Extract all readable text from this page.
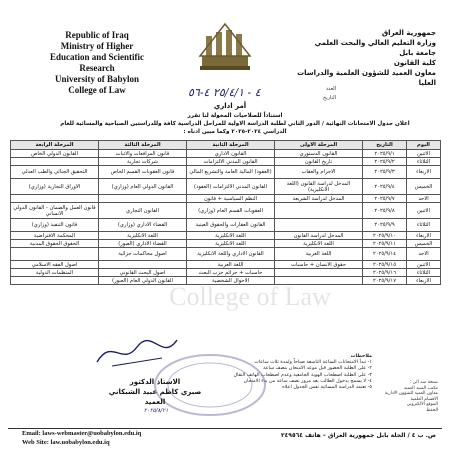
Republic of Iraq
Ministry of Higher
Education and Scientific
Research
University of Babylon
College of Law
جمهورية العراق
وزارة التعليم العالي والبحث العلمي
جامعة بابل
كلية القانون
معاون العميد للشؤون العلمية والدراسات العليا
العدد
التاريخ
٤ - ٢٥/٤/١ ٤-٥٦
أمر اداري
استناداً للصلاحيات المخولة لنا تقرر
اعلان جدول الامتحانات النهائية / الدور الثاني لطلبة الدراسة الاولية للمراحل الدراسية كافة وللدراستين الصباحية والمسائية للعام
الدراسي ٢٠٢٤-٢٠٢٥ وكما مبين ادناه :
اليوم	التاريخ	المرحلة الاولى	المرحلة الثانية	المرحلة الثالثة	المرحلة الرابعة
الاثنين	٢٠٢٥/٩/١	القانون الدستوري	القانون الاداري	قانون المرافعات والاثبات	القانون الدولي الخاص
الثلاثاء	٢٠٢٥/٩/٢	تاريخ القانون	القانون المدني الالتزامات	شركات تجارية	
الاربعاء	٢٠٢٥/٩/٣	الاجرام والعقاب	(العقود) المالية العامة والتشريع المالي	قانون العقوبات القسم الخاص	التحقيق الجنائي والطب العدلي
الخميس	٢٠٢٥/٩/٤	المدخل لدراسة القانون (اللغة الانكليزية)	القانون المدني الالتزامات (العقود)	القانون الدولي العام (وزاري)	الاوراق التجارية (وزاري)
الاحد	٢٠٢٥/٩/٧	المدخل لدراسة الشريعة	النظم السياسية + قانون		
الاثنين	٢٠٢٥/٩/٨		العقوبات القسم العام (وزاري)	القانون التجاري	قانون العمل والضمان - القانون الدولي الانساني
الثلاثاء	٢٠٢٥/٩/٩		القانون العقارات والحقوق العينية	القضاء الاداري (وزاري)	قانون التنفيذ (وزاري)
الاربعاء	٢٠٢٥/٩/١٠	المدخل لدراسة القانون	اللغة الانكليزية	اللغة الانكليزية	المحكمة الافتراضية
الخميس	٢٠٢٥/٩/١١	اللغة الانكليزية	اللغة الانكليزية	القضاء الاداري (العبور)	الحقوق الحقوق المدنية
الاحد	٢٠٢٥/٩/١٤	اللغة العربية	القانون الاداري واللغة الانكليزية	اصول محاكمات جزائية	
الاثنين	٢٠٢٥/٩/١٥	حقوق الانسان + حاسبات	اللغة العربية		اصول الفقه الاسلامي
الثلاثاء	٢٠٢٥/٩/١٦		حاسبات + جرائم حزب البعث	اصول البحث القانوني	المنظمات الدولية
الاربعاء	٢٠٢٥/٩/١٧		الاحوال الشخصية	القانون الدولي العام (العبور)	
College of Law
ملاحظات
١- تبدأ الامتحانات الساعة التاسعة صباحاً ولمدة ثلاث ساعات
٢- على الطلبة الحضور قبل موعد الامتحان بنصف ساعة
٣- على الطلبة اصطحاب الهوية الجامعية وعدم اصطحاب الهاتف النقال
٤- لا يسمح بدخول الطالب بعد مرور نصف ساعة من بدء الامتحان
٥- تعتمد الدراسة المسائية نفس الجدول اعلاه
الاستاذ الدكتور
صبري كاظم عبيد الشبكاني
العميد
٢٠٢٥/٨/٢١
نسخة منه الى :
مكتب السيد العميد
معاون العميد للشؤون الادارية
الاقسام العلمية
الموقع الالكتروني
الحفظ
Email: laws-webmaster@uobabylon.edu.iq
Web Site: law.uobabylon.edu.iq
ص. ب ٤ / الحلة بابل جمهورية العراق – هاتف ٢٤٩٥٦٤
